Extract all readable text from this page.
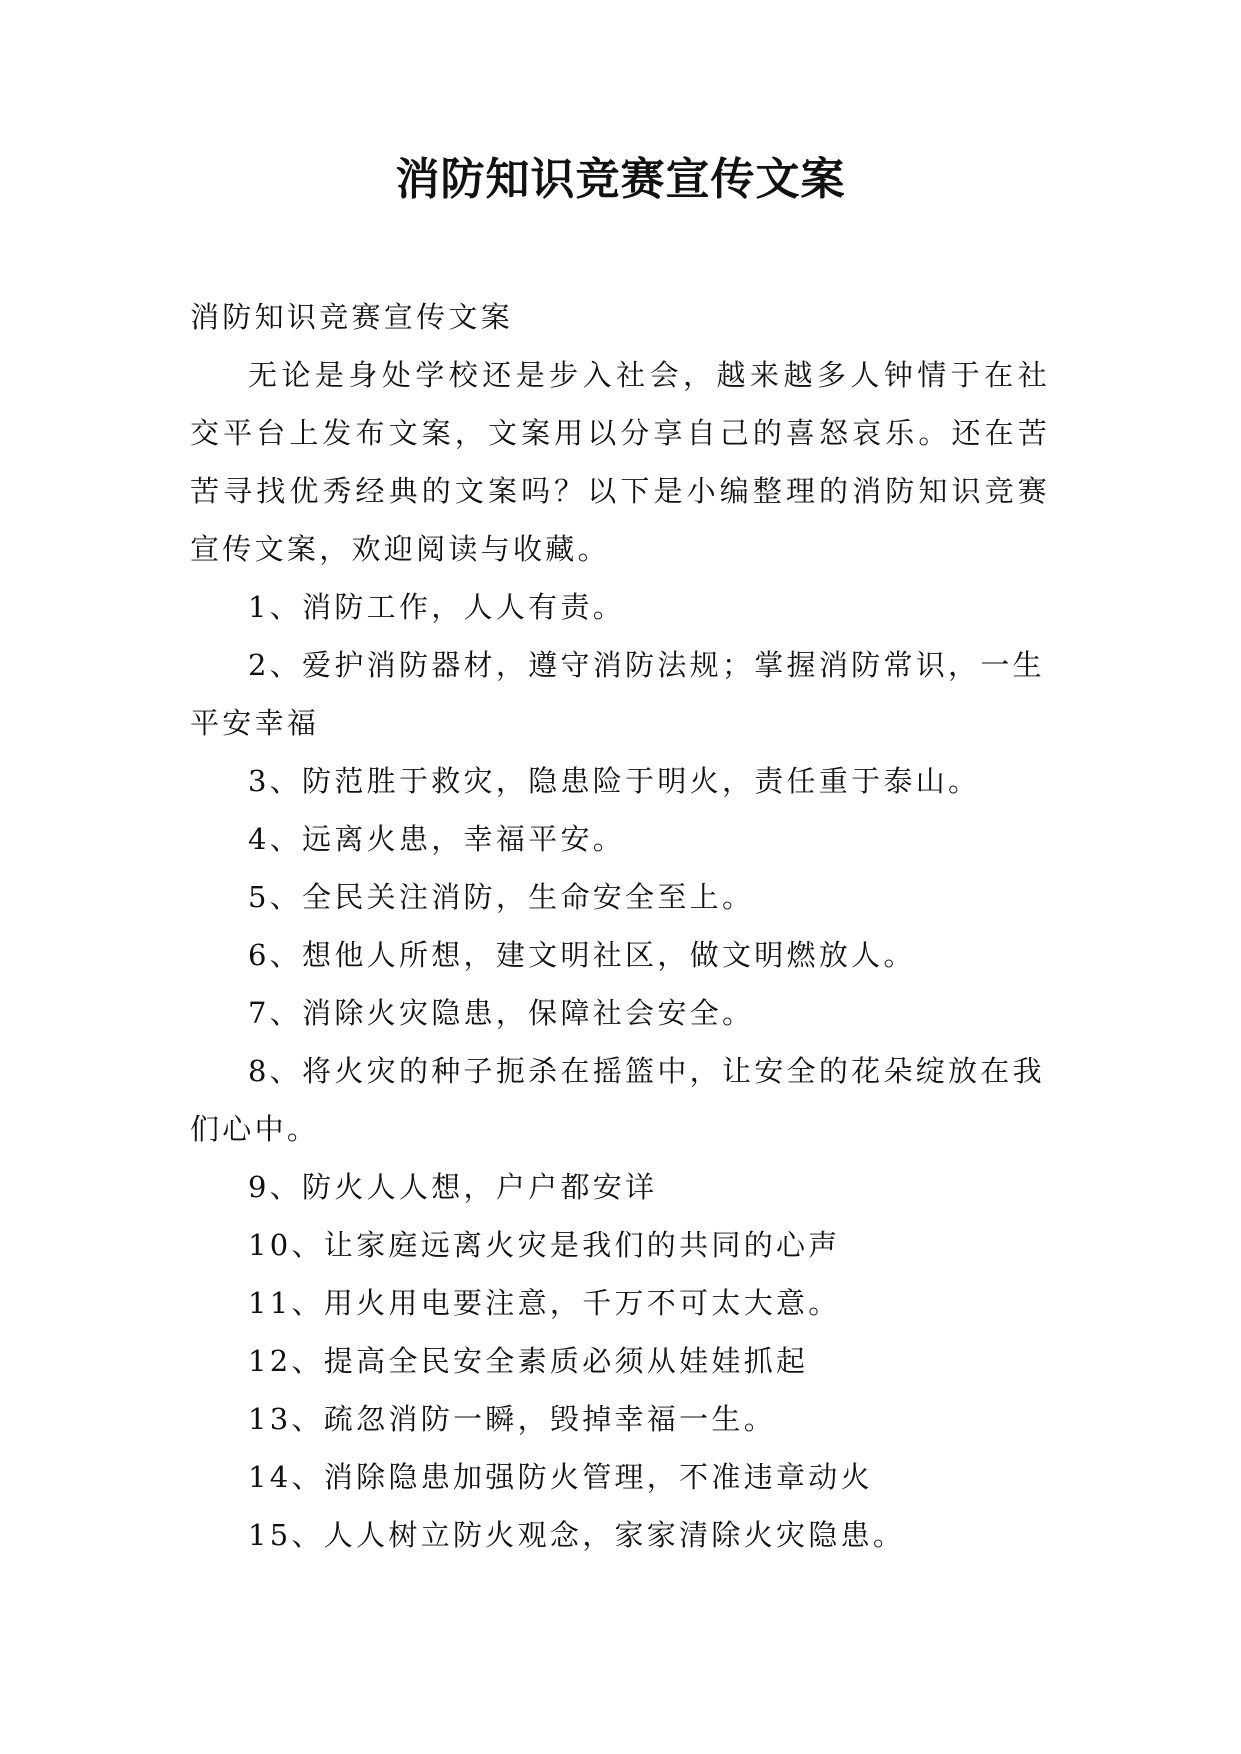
消防知识竞赛宣传文案

消防知识竞赛宣传文案

无论是身处学校还是步入社会，越来越多人钟情于在社交平台上发布文案，文案用以分享自己的喜怒哀乐。还在苦苦寻找优秀经典的文案吗？以下是小编整理的消防知识竞赛宣传文案，欢迎阅读与收藏。

1、消防工作，人人有责。
2、爱护消防器材，遵守消防法规；掌握消防常识，一生平安幸福
3、防范胜于救灾，隐患险于明火，责任重于泰山。
4、远离火患，幸福平安。
5、全民关注消防，生命安全至上。
6、想他人所想，建文明社区，做文明燃放人。
7、消除火灾隐患，保障社会安全。
8、将火灾的种子扼杀在摇篮中，让安全的花朵绽放在我们心中。
9、防火人人想，户户都安详
10、让家庭远离火灾是我们的共同的心声
11、用火用电要注意，千万不可太大意。
12、提高全民安全素质必须从娃娃抓起
13、疏忽消防一瞬，毁掉幸福一生。
14、消除隐患加强防火管理，不准违章动火
15、人人树立防火观念，家家清除火灾隐患。
